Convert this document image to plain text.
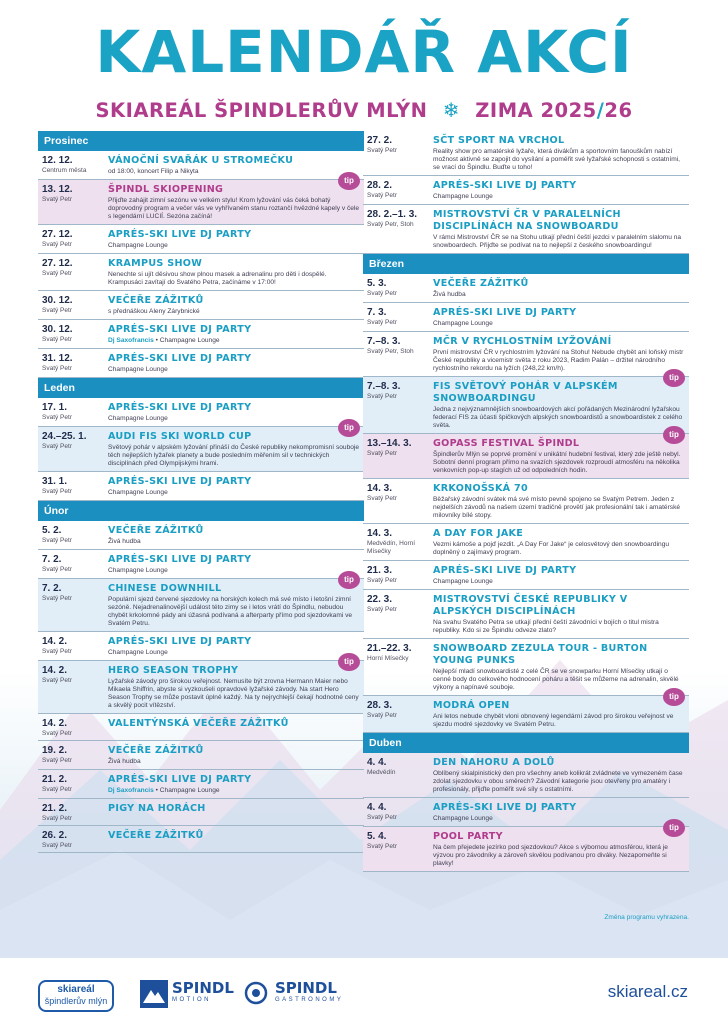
KALENDÁŘ AKCÍ
SKIAREÁL ŠPINDLERŮV MLÝN ❄ ZIMA 2025/26
Prosinec
12. 12.
Centrum města
VÁNOČNÍ SVAŘÁK U STROMEČKU
od 18:00, koncert Filip a Nikyta
13. 12.
Svatý Petr
ŠPINDL SKIOPENING
Přijďte zahájit zimní sezónu ve velkém stylu! Krom lyžování vás čeká bohatý doprovodný program a večer vás ve vyhřívaném stanu roztančí hvězdné kapely v čele s legendární LUCIÍ. Sezóna začíná!
tip
27. 12.
Svatý Petr
APRÉS-SKI LIVE DJ PARTY
Champagne Lounge
27. 12.
Svatý Petr
KRAMPUS SHOW
Nenechte si ujít děsivou show plnou masek a adrenalinu pro děti i dospělé. Krampusáci zavítají do Svatého Petra, začínáme v 17:00!
30. 12.
Svatý Petr
VEČEŘE ZÁŽITKŮ
s přednáškou Aleny Zárybnické
30. 12.
Svatý Petr
APRÉS-SKI LIVE DJ PARTY
Dj Saxofrancis • Champagne Lounge
31. 12.
Svatý Petr
APRÉS-SKI LIVE DJ PARTY
Champagne Lounge
Leden
17. 1.
Svatý Petr
APRÉS-SKI LIVE DJ PARTY
Champagne Lounge
24.–25. 1.
Svatý Petr
AUDI FIS SKI WORLD CUP
Světový pohár v alpském lyžování přináší do České republiky nekompromisní souboje těch nejlepších lyžařek planety a bude posledním měřením sil v technických disciplínách před Olympijskými hrami.
tip
31. 1.
Svatý Petr
APRÉS-SKI LIVE DJ PARTY
Champagne Lounge
Únor
5. 2.
Svatý Petr
VEČEŘE ZÁŽITKŮ
Živá hudba
7. 2.
Svatý Petr
APRÉS-SKI LIVE DJ PARTY
Champagne Lounge
7. 2.
Svatý Petr
CHINESE DOWNHILL
Populární sjezd červené sjezdovky na horských kolech má své místo i letošní zimní sezóně. Nejadrenalinovější událost této zimy se i letos vrátí do Špindlu, nebudou chybět krkolomné pády ani úžasná podívaná a afterparty přímo pod sjezdovkami ve Svatém Petru.
tip
14. 2.
Svatý Petr
APRÉS-SKI LIVE DJ PARTY
Champagne Lounge
14. 2.
Svatý Petr
HERO SEASON TROPHY
Lyžařské závody pro širokou veřejnost. Nemusíte být zrovna Hermann Maier nebo Mikaela Shiffrin, abyste si vyzkoušeli opravdové lyžařské závody. Na start Hero Season Trophy se může postavit úplně každý. Na ty nejrychlejší čekají hodnotné ceny a skvělý pocit vítězství.
tip
14. 2.
Svatý Petr
VALENTÝNSKÁ VEČEŘE ZÁŽITKŮ
19. 2.
Svatý Petr
VEČEŘE ZÁŽITKŮ
Živá hudba
21. 2.
Svatý Petr
APRÉS-SKI LIVE DJ PARTY
Dj Saxofrancis • Champagne Lounge
21. 2.
Svatý Petr
PIGY NA HORÁCH
26. 2.
Svatý Petr
VEČEŘE ZÁŽITKŮ
27. 2.
Svatý Petr
SČT SPORT NA VRCHOL
Reality show pro amatérské lyžaře, která divákům a sportovním fanouškům nabízí možnost aktivně se zapojit do vysílání a poměřit své lyžařské schopnosti s ostatními, se vrací do Špindlu. Buďte u toho!
28. 2.
Svatý Petr
APRÉS-SKI LIVE DJ PARTY
Champagne Lounge
28. 2.–1. 3.
Svatý Petr, Stoh
MISTROVSTVÍ ČR V PARALELNÍCH DISCIPLÍNÁCH NA SNOWBOARDU
V rámci Mistrovství ČR se na Stohu utkají přední čeští jezdci v paralelním slalomu na snowboardech. Přijďte se podívat na to nejlepší z českého snowboardingu!
Březen
5. 3.
Svatý Petr
VEČEŘE ZÁŽITKŮ
Živá hudba
7. 3.
Svatý Petr
APRÉS-SKI LIVE DJ PARTY
Champagne Lounge
7.–8. 3.
Svatý Petr, Stoh
MČR V RYCHLOSTNÍM LYŽOVÁNÍ
První mistrovství ČR v rychlostním lyžování na Stohu! Nebude chybět ani loňský mistr České republiky a vicemistr světa z roku 2023, Radim Palán – držitel národního rychlostního rekordu na lyžích (248,22 km/h).
7.–8. 3.
Svatý Petr
FIS SVĚTOVÝ POHÁR V ALPSKÉM SNOWBOARDINGU
Jedna z nejvýznamnějších snowboardových akcí pořádaných Mezinárodní lyžařskou federací FIS za účasti špičkových alpských snowboardistů a snowboardistek z celého světa.
tip
13.–14. 3.
Svatý Petr
GOPASS FESTIVAL ŠPINDL
Špindlerův Mlýn se poprvé promění v unikátní hudební festival, který zde ještě nebyl. Sobotní denní program přímo na svazích sjezdovek rozproudí atmosféru na několika venkovních pop-up stagích už od odpoledních hodin.
tip
14. 3.
Svatý Petr
KRKONOŠSKÁ 70
Běžařský závodní svátek má své místo pevně spojeno se Svatým Petrem. Jeden z nejdelších závodů na našem území tradičně provětí jak profesionální tak i amatérské milovníky bílé stopy.
14. 3.
Medvědín, Horní Mísečky
A DAY FOR JAKE
Vezmi kámoše a pojď jezdit. „A Day For Jake“ je celosvětový den snowboardingu doplněný o zajímavý program.
21. 3.
Svatý Petr
APRÉS-SKI LIVE DJ PARTY
Champagne Lounge
22. 3.
Svatý Petr
MISTROVSTVÍ ČESKÉ REPUBLIKY V ALPSKÝCH DISCIPLÍNÁCH
Na svahu Svatého Petra se utkají přední čeští závodníci v bojích o titul mistra republiky. Kdo si ze Špindlu odveze zlato?
21.–22. 3.
Horní Mísečky
SNOWBOARD ZEZULA TOUR - BURTON YOUNG PUNKS
Nejlepší mladí snowboardisté z celé ČR se ve snowparku Horní Mísečky utkají o cenné body do celkového hodnocení poháru a těšit se můžeme na adrenalin, skvělé výkony a napínavé souboje.
28. 3.
Svatý Petr
MODRÁ OPEN
Ani letos nebude chybět vloni obnovený legendární závod pro širokou veřejnost ve sjezdu modré sjezdovky ve Svatém Petru.
tip
Duben
4. 4.
Medvědín
DEN NAHORU A DOLŮ
Oblíbený skialpinistický den pro všechny aneb kolikrát zvládnete ve vymezeném čase zdolat sjezdovku v obou směrech? Závodní kategorie jsou otevřeny pro amatéry i profesionály, přijďte poměřit své síly s ostatními.
4. 4.
Svatý Petr
APRÉS-SKI LIVE DJ PARTY
Champagne Lounge
5. 4.
Svatý Petr
POOL PARTY
Na čem přejedete jezírko pod sjezdovkou? Akce s výbornou atmosférou, která je výzvou pro závodníky a zároveň skvělou podívanou pro diváky. Nezapomeňte si plavky!
tip
Změna programu vyhrazena.
skiareál
špindlerův mlýn
SPINDL
MOTION
SPINDL
GASTRONOMY	skiareal.cz
